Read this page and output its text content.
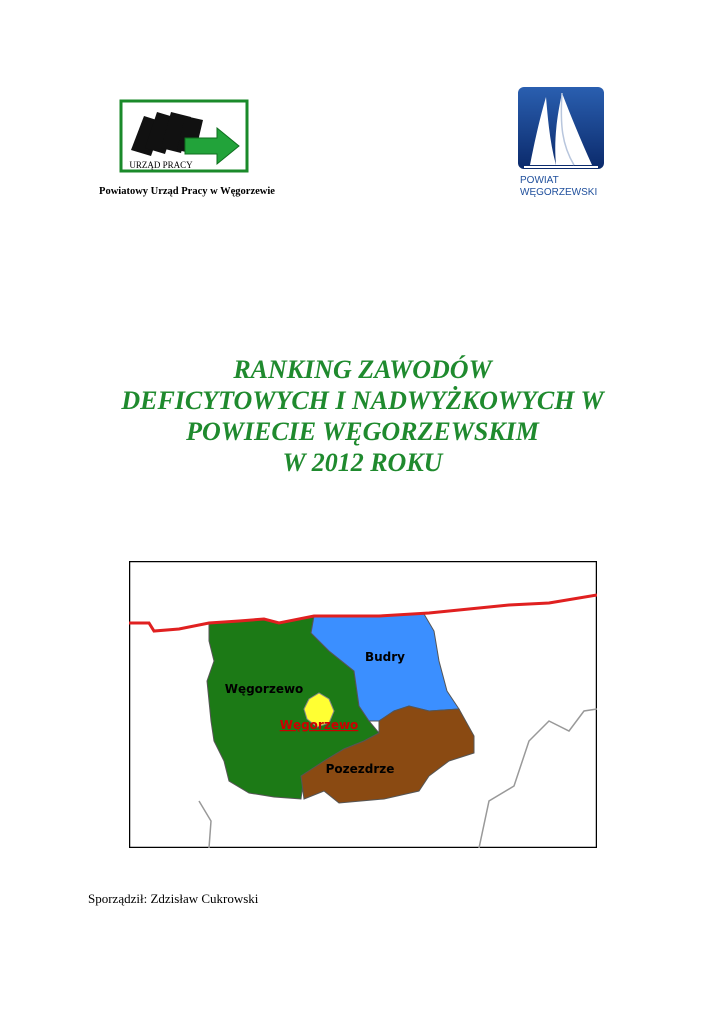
URZĄD PRACY
Powiatowy Urząd Pracy w Węgorzewie
POWIAT
WĘGORZEWSKI
RANKING ZAWODÓW
DEFICYTOWYCH I NADWYŻKOWYCH W
POWIECIE WĘGORZEWSKIM
W 2012 ROKU
Budry
Węgorzewo
Węgorzewo
Pozezdrze
Sporządził: Zdzisław Cukrowski
